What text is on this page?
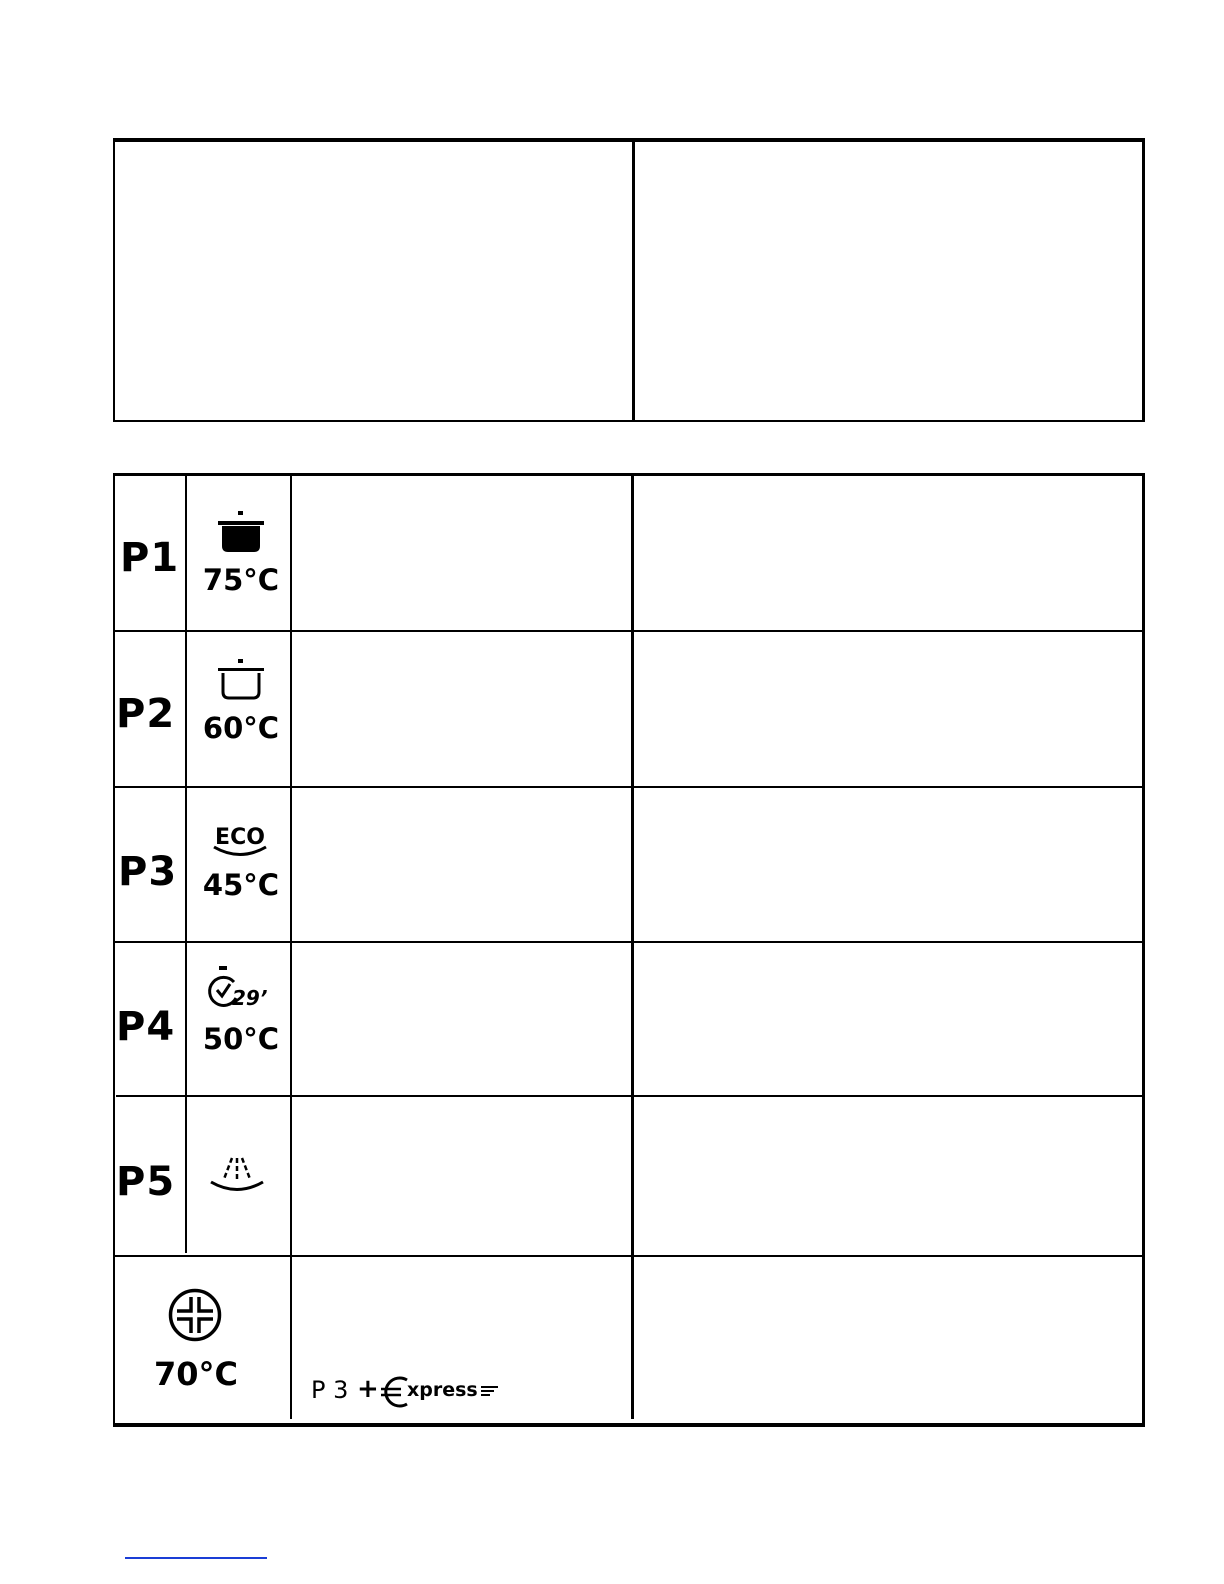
P1 75°C
P2 60°C
P3
ECO
45°C
P4
29’
50°C
P5
70°C	P 3 + xpress
